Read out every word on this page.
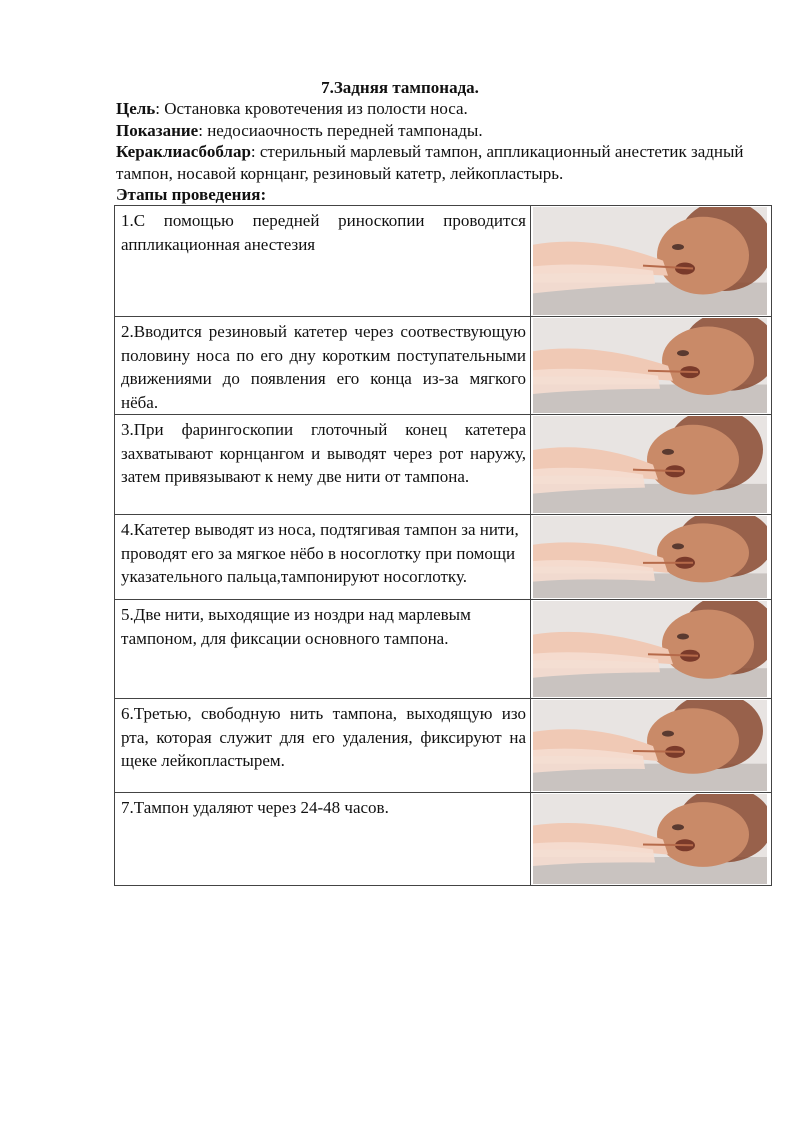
7.Задняя тампонада.

Цель: Остановка кровотечения из полости носа.

Показание: недосиаочность передней тампонады.

Кераклиасбоблар: стерильный марлевый тампон, аппликационный анестетик задный тампон, носавой корнцанг, резиновый катетр, лейкопластырь.

Этапы проведения:

1.С помощью передней риноскопии проводится аппликационная анестезия	

2.Вводится резиновый катетер через соотвествующую половину носа по его дну коротким поступательными движениями до появления его конца из-за мягкого нёба.	

3.При фарингоскопии глоточный конец катетера захватывают корнцангом и выводят через рот наружу, затем привязывают к нему две нити от тампона.	

4.Катетер выводят из носа, подтягивая тампон за нити, проводят его за мягкое нёбо в носоглотку при помощи указательного пальца,тампонируют носоглотку.	

5.Две нити, выходящие из ноздри над марлевым тампоном, для фиксации основного тампона.	

6.Третью, свободную нить тампона, выходящую изо рта, которая служит для его удаления, фиксируют на щеке лейкопластырем.	

7.Тампон удаляют через 24-48 часов.	
